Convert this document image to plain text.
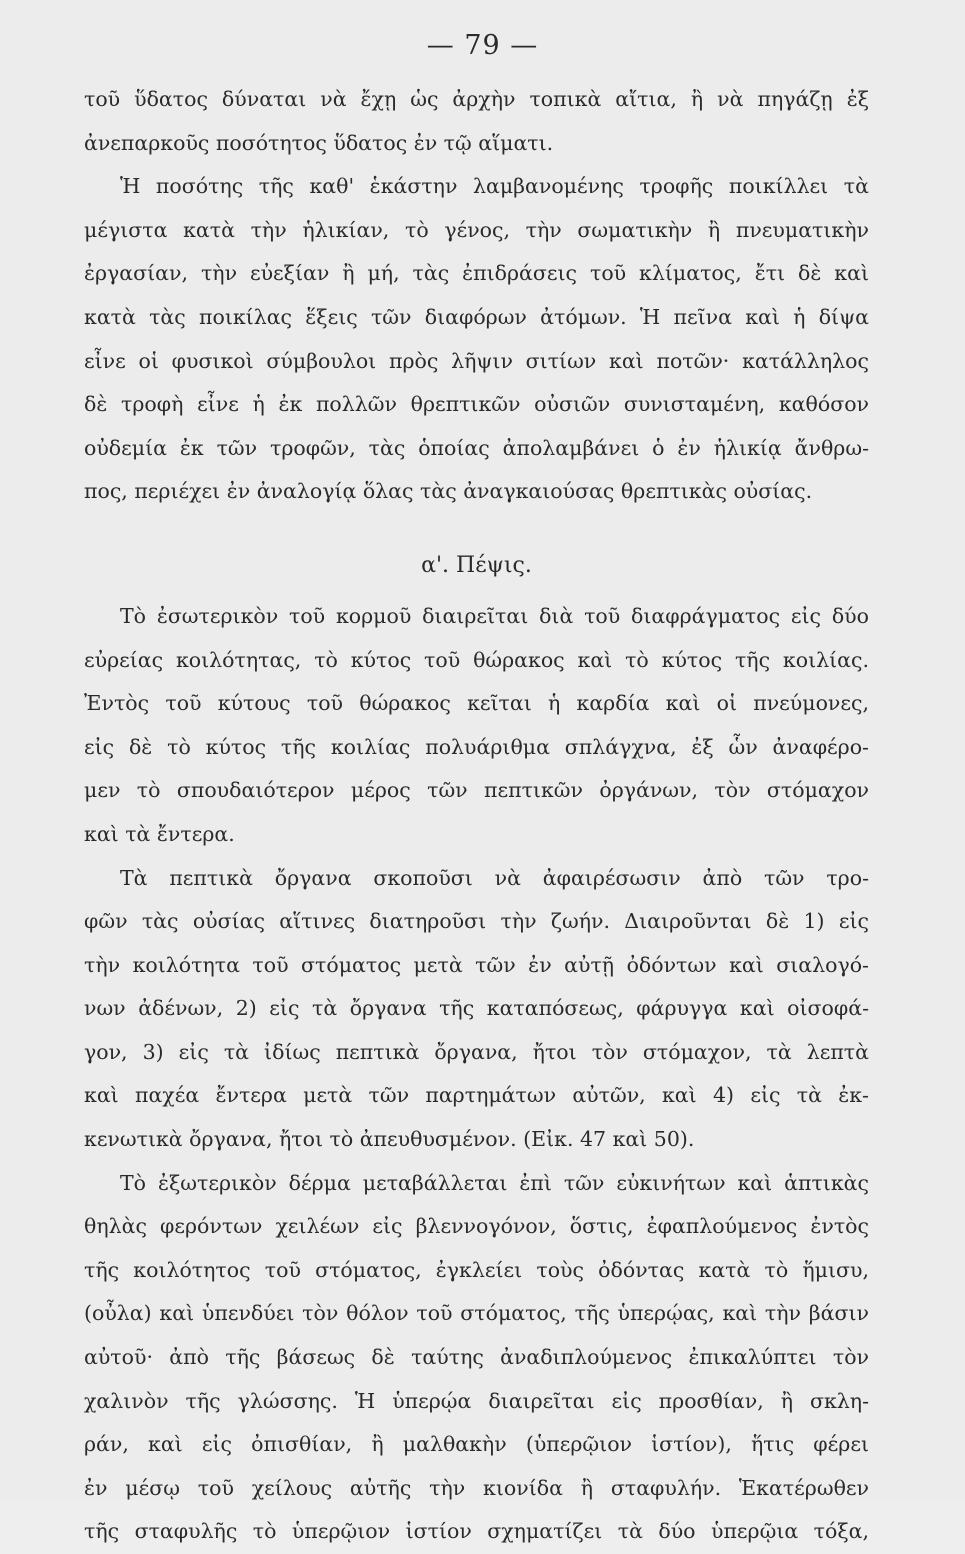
— 79 —
τοῦ ὕδατος δύναται νὰ ἔχῃ ὡς ἀρχὴν τοπικὰ αἴτια, ἢ νὰ πηγάζῃ ἐξ
ἀνεπαρκοῦς ποσότητος ὕδατος ἐν τῷ αἵματι.
Ἡ ποσότης τῆς καθ' ἑκάστην λαμβανομένης τροφῆς ποικίλλει τὰ
μέγιστα κατὰ τὴν ἡλικίαν, τὸ γένος, τὴν σωματικὴν ἢ πνευματικὴν
ἐργασίαν, τὴν εὐεξίαν ἢ μή, τὰς ἐπιδράσεις τοῦ κλίματος, ἔτι δὲ καὶ
κατὰ τὰς ποικίλας ἕξεις τῶν διαφόρων ἀτόμων. Ἡ πεῖνα καὶ ἡ δίψα
εἶνε οἱ φυσικοὶ σύμβουλοι πρὸς λῆψιν σιτίων καὶ ποτῶν· κατάλληλος
δὲ τροφὴ εἶνε ἡ ἐκ πολλῶν θρεπτικῶν οὐσιῶν συνισταμένη, καθόσον
οὐδεμία ἐκ τῶν τροφῶν, τὰς ὁποίας ἀπολαμβάνει ὁ ἐν ἡλικίᾳ ἄνθρω-
πος, περιέχει ἐν ἀναλογίᾳ ὅλας τὰς ἀναγκαιούσας θρεπτικὰς οὐσίας.
α'. Πέψις.
Τὸ ἐσωτερικὸν τοῦ κορμοῦ διαιρεῖται διὰ τοῦ διαφράγματος εἰς δύο
εὐρείας κοιλότητας, τὸ κύτος τοῦ θώρακος καὶ τὸ κύτος τῆς κοιλίας.
Ἐντὸς τοῦ κύτους τοῦ θώρακος κεῖται ἡ καρδία καὶ οἱ πνεύμονες,
εἰς δὲ τὸ κύτος τῆς κοιλίας πολυάριθμα σπλάγχνα, ἐξ ὧν ἀναφέρο-
μεν τὸ σπουδαιότερον μέρος τῶν πεπτικῶν ὀργάνων, τὸν στόμαχον
καὶ τὰ ἔντερα.
Τὰ πεπτικὰ ὄργανα σκοποῦσι νὰ ἀφαιρέσωσιν ἀπὸ τῶν τρο-
φῶν τὰς οὐσίας αἵτινες διατηροῦσι τὴν ζωήν. Διαιροῦνται δὲ 1) εἰς
τὴν κοιλότητα τοῦ στόματος μετὰ τῶν ἐν αὐτῇ ὀδόντων καὶ σιαλογό-
νων ἀδένων, 2) εἰς τὰ ὄργανα τῆς καταπόσεως, φάρυγγα καὶ οἰσοφά-
γον, 3) εἰς τὰ ἰδίως πεπτικὰ ὄργανα, ἤτοι τὸν στόμαχον, τὰ λεπτὰ
καὶ παχέα ἔντερα μετὰ τῶν παρτημάτων αὐτῶν, καὶ 4) εἰς τὰ ἐκ-
κενωτικὰ ὄργανα, ἤτοι τὸ ἀπευθυσμένον. (Εἰκ. 47 καὶ 50).
Τὸ ἐξωτερικὸν δέρμα μεταβάλλεται ἐπὶ τῶν εὐκινήτων καὶ ἁπτικὰς
θηλὰς φερόντων χειλέων εἰς βλεννογόνον, ὅστις, ἐφαπλούμενος ἐντὸς
τῆς κοιλότητος τοῦ στόματος, ἐγκλείει τοὺς ὀδόντας κατὰ τὸ ἥμισυ,
(οὖλα) καὶ ὑπενδύει τὸν θόλον τοῦ στόματος, τῆς ὑπερῴας, καὶ τὴν βάσιν
αὐτοῦ· ἀπὸ τῆς βάσεως δὲ ταύτης ἀναδιπλούμενος ἐπικαλύπτει τὸν
χαλινὸν τῆς γλώσσης. Ἡ ὑπερῴα διαιρεῖται εἰς προσθίαν, ἢ σκλη-
ράν, καὶ εἰς ὀπισθίαν, ἢ μαλθακὴν (ὑπερῷιον ἱστίον), ἥτις φέρει
ἐν μέσῳ τοῦ χείλους αὐτῆς τὴν κιονίδα ἢ σταφυλήν. Ἑκατέρωθεν
τῆς σταφυλῆς τὸ ὑπερῷιον ἱστίον σχηματίζει τὰ δύο ὑπερῷια τόξα,
